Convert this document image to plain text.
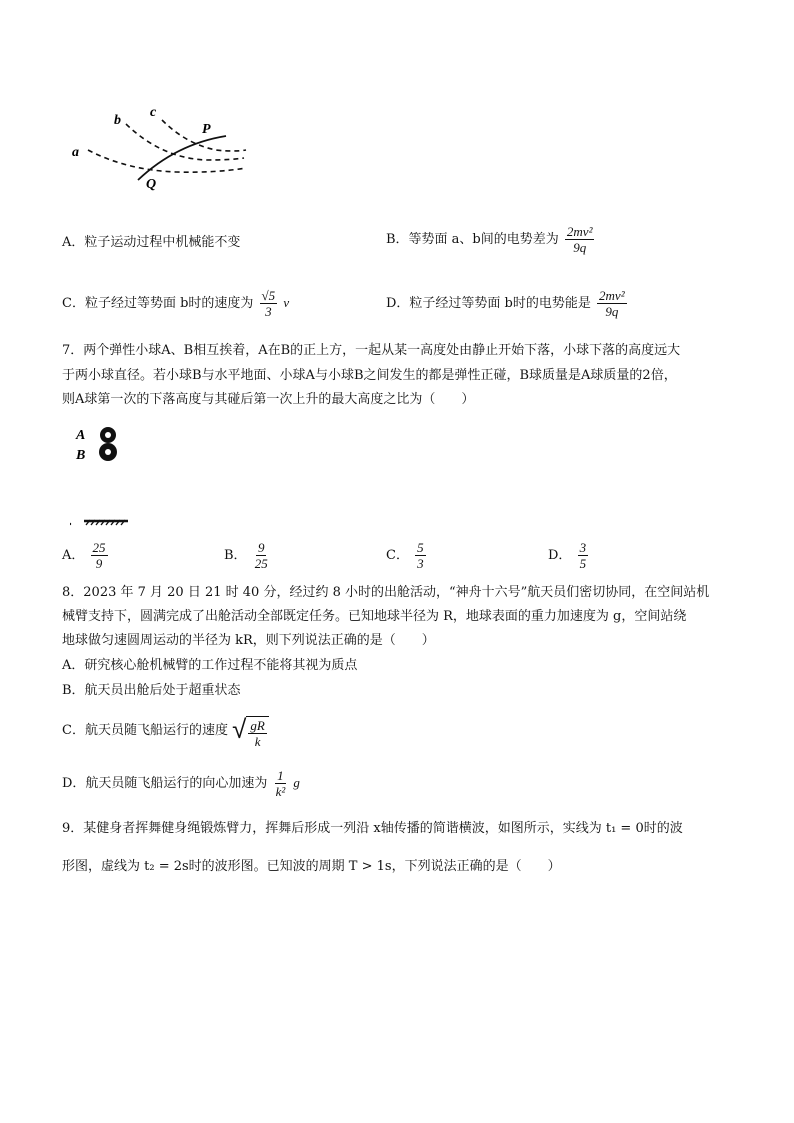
a
b
c
P
Q
A．粒子运动过程中机械能不变	B．等势面 a、b间的电势差为 $\frac{\text{2mv²}}{9q}$
C．粒子经过等势面 b时的速度为 $\frac{√5}{3}$ v	D．粒子经过等势面 b时的电势能是 $\frac{\text{2mv²}}{9q}$
7．两个弹性小球A、B相互挨着，A在B的正上方，一起从某一高度处由静止开始下落，小球下落的高度远大
于两小球直径。若小球B与水平地面、小球A与小球B之间发生的都是弹性正碰，B球质量是A球质量的2倍，
则A球第一次的下落高度与其碰后第一次上升的最大高度之比为（　　）
A
B
A． $\frac{25}{9}$	B． $\frac{9}{25}$	C． $\frac{5}{3}$	D． $\frac{3}{5}$
8．2023 年 7 月 20 日 21 时 40 分，经过约 8 小时的出舱活动，“神舟十六号”航天员们密切协同，在空间站机
械臂支持下，圆满完成了出舱活动全部既定任务。已知地球半径为 R，地球表面的重力加速度为 g，空间站绕
地球做匀速圆周运动的半径为 kR，则下列说法正确的是（　　）
A．研究核心舱机械臂的工作过程不能将其视为质点
B．航天员出舱后处于超重状态
C．航天员随飞船运行的速度 √ $\frac{gR}{k}$
D．航天员随飞船运行的向心加速为 $\frac{1}{\text{k²}}$ g
9．某健身者挥舞健身绳锻炼臂力，挥舞后形成一列沿 x轴传播的简谐横波，如图所示，实线为 t₁ = 0时的波
形图，虚线为 t₂ = 2s时的波形图。已知波的周期 T > 1s，下列说法正确的是（　　）
